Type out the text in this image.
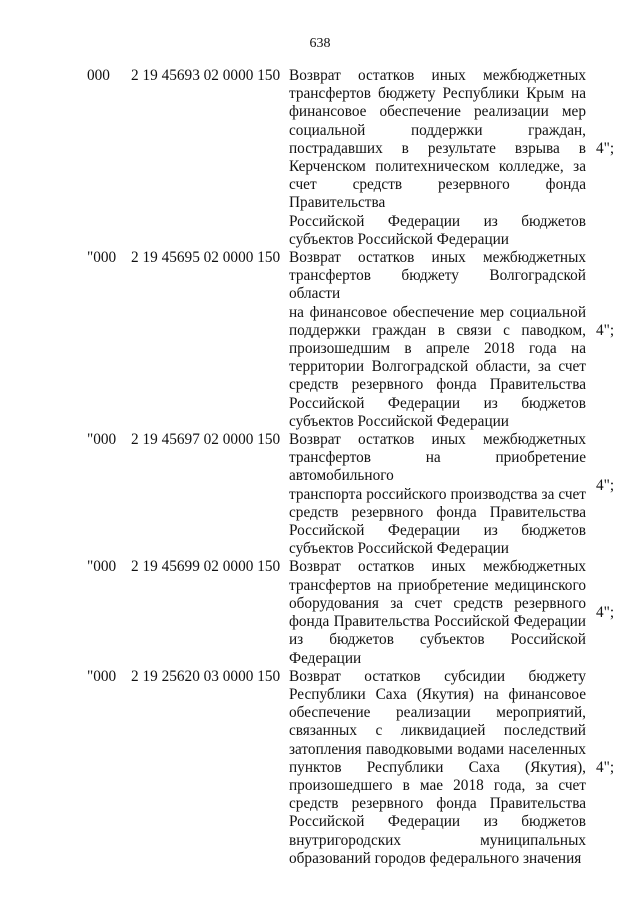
638
000 2 19 45693 02 0000 150 Возврат остатков иных межбюджетных
трансфертов бюджету Республики Крым на
финансовое обеспечение реализации мер
социальной поддержки граждан,
пострадавших в результате взрыва в
Керченском политехническом колледже, за
счет средств резервного фонда Правительства
Российской Федерации из бюджетов
субъектов Российской Федерации
4";
"000 2 19 45695 02 0000 150 Возврат остатков иных межбюджетных
трансфертов бюджету Волгоградской области
на финансовое обеспечение мер социальной
поддержки граждан в связи с паводком,
произошедшим в апреле 2018 года на
территории Волгоградской области, за счет
средств резервного фонда Правительства
Российской Федерации из бюджетов
субъектов Российской Федерации
4";
"000 2 19 45697 02 0000 150 Возврат остатков иных межбюджетных
трансфертов на приобретение автомобильного
транспорта российского производства за счет
средств резервного фонда Правительства
Российской Федерации из бюджетов
субъектов Российской Федерации
4";
"000 2 19 45699 02 0000 150 Возврат остатков иных межбюджетных
трансфертов на приобретение медицинского
оборудования за счет средств резервного
фонда Правительства Российской Федерации
из бюджетов субъектов Российской
Федерации
4";
"000 2 19 25620 03 0000 150 Возврат остатков субсидии бюджету
Республики Саха (Якутия) на финансовое
обеспечение реализации мероприятий,
связанных с ликвидацией последствий
затопления паводковыми водами населенных
пунктов Республики Саха (Якутия),
произошедшего в мае 2018 года, за счет
средств резервного фонда Правительства
Российской Федерации из бюджетов
внутригородских муниципальных
образований городов федерального значения
4";
